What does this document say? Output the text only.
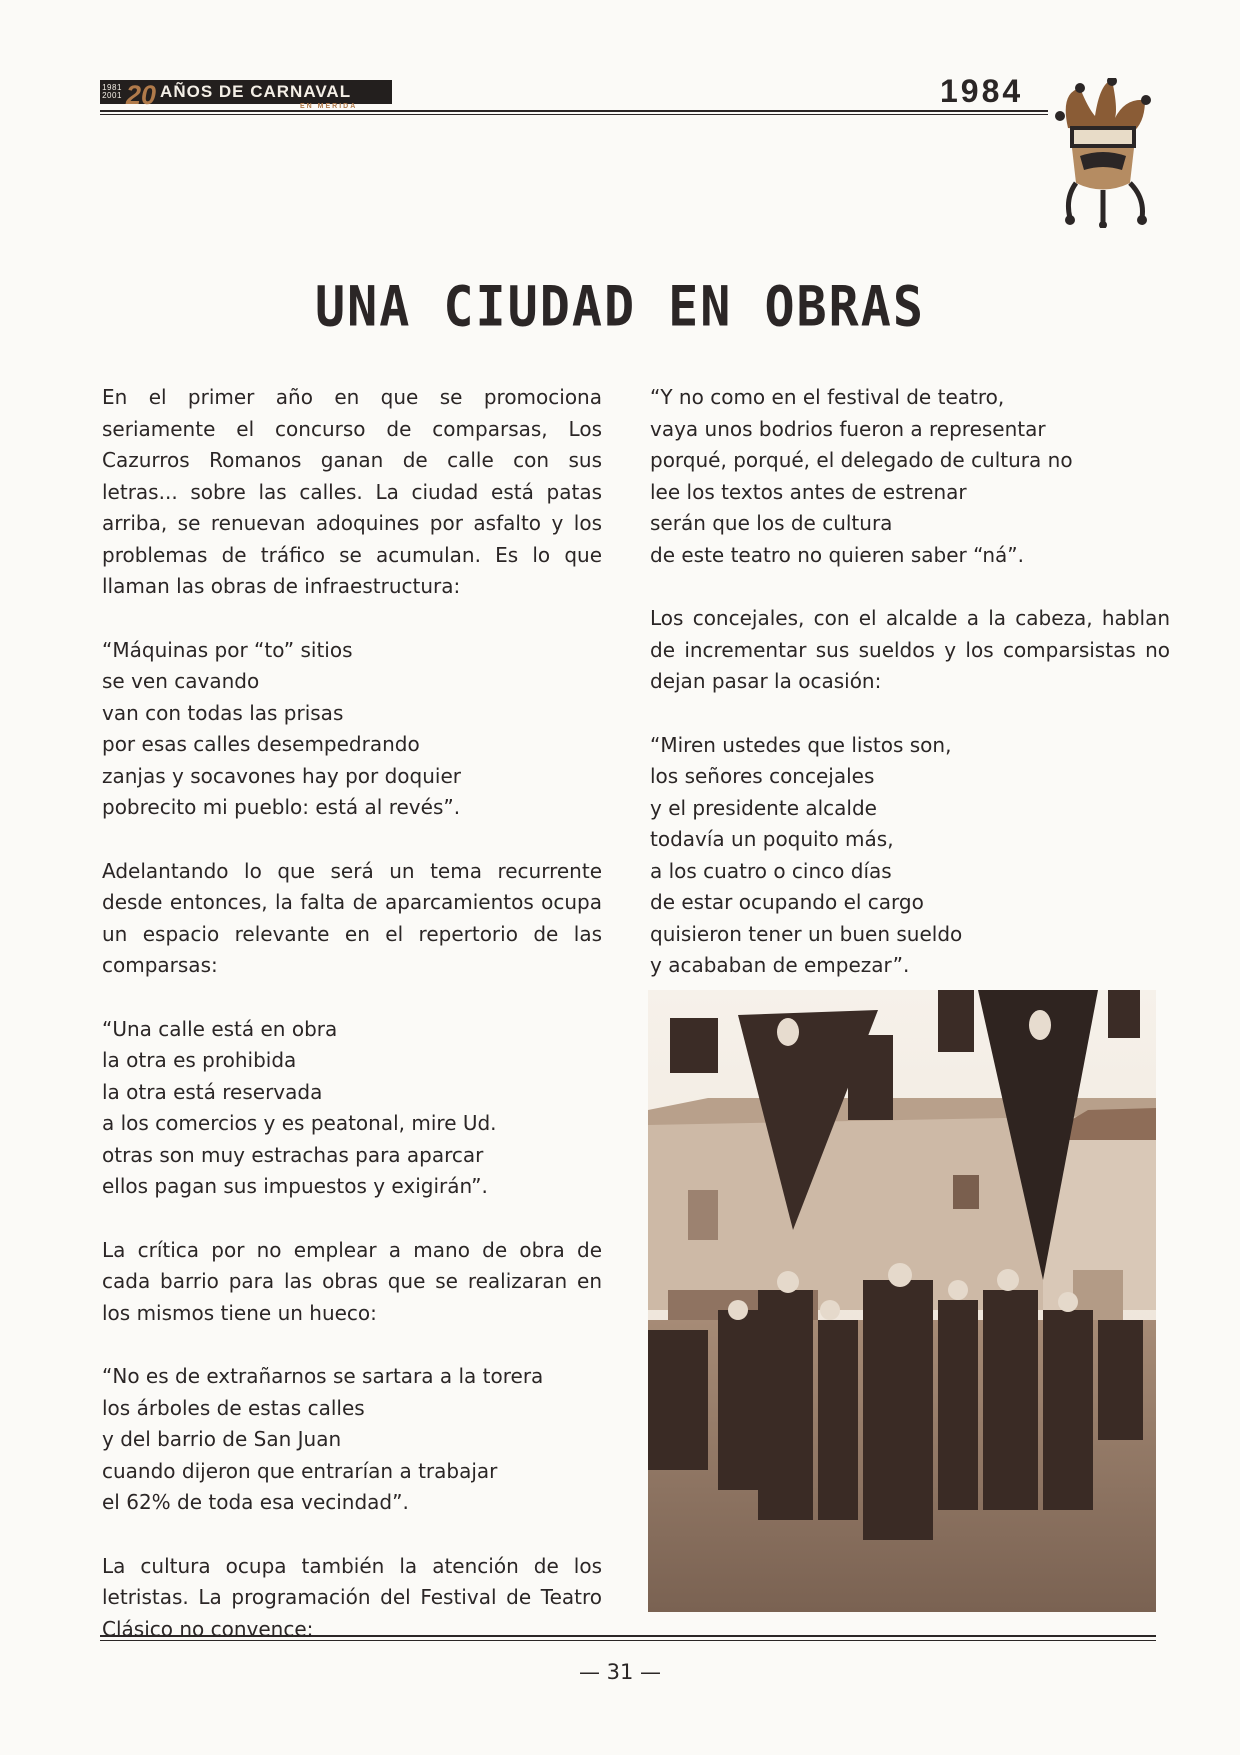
1981
2001 20 AÑOS DE CARNAVAL
EN MERIDA	1984
UNA CIUDAD EN OBRAS

En el primer año en que se promociona seriamente el concurso de comparsas, Los Cazurros Romanos ganan de calle con sus letras... sobre las calles. La ciudad está patas arriba, se renuevan adoquines por asfalto y los problemas de tráfico se acumulan. Es lo que llaman las obras de infraestructura:

“Máquinas por “to” sitios
se ven cavando
van con todas las prisas
por esas calles desempedrando
zanjas y socavones hay por doquier
pobrecito mi pueblo: está al revés”.

Adelantando lo que será un tema recurrente desde entonces, la falta de aparcamientos ocupa un espacio relevante en el repertorio de las comparsas:

“Una calle está en obra
la otra es prohibida
la otra está reservada
a los comercios y es peatonal, mire Ud.
otras son muy estrachas para aparcar
ellos pagan sus impuestos y exigirán”.

La crítica por no emplear a mano de obra de cada barrio para las obras que se realizaran en los mismos tiene un hueco:

“No es de extrañarnos se sartara a la torera
los árboles de estas calles
y del barrio de San Juan
cuando dijeron que entrarían a trabajar
el 62% de toda esa vecindad”.

La cultura ocupa también la atención de los letristas. La programación del Festival de Teatro Clásico no convence:

“Y no como en el festival de teatro,
vaya unos bodrios fueron a representar
porqué, porqué, el delegado de cultura no
lee los textos antes de estrenar
serán que los de cultura
de este teatro no quieren saber “ná”.

Los concejales, con el alcalde a la cabeza, hablan de incrementar sus sueldos y los comparsistas no dejan pasar la ocasión:

“Miren ustedes que listos son,
los señores concejales
y el presidente alcalde
todavía un poquito más,
a los cuatro o cinco días
de estar ocupando el cargo
quisieron tener un buen sueldo
y acababan de empezar”.

— 31 —
